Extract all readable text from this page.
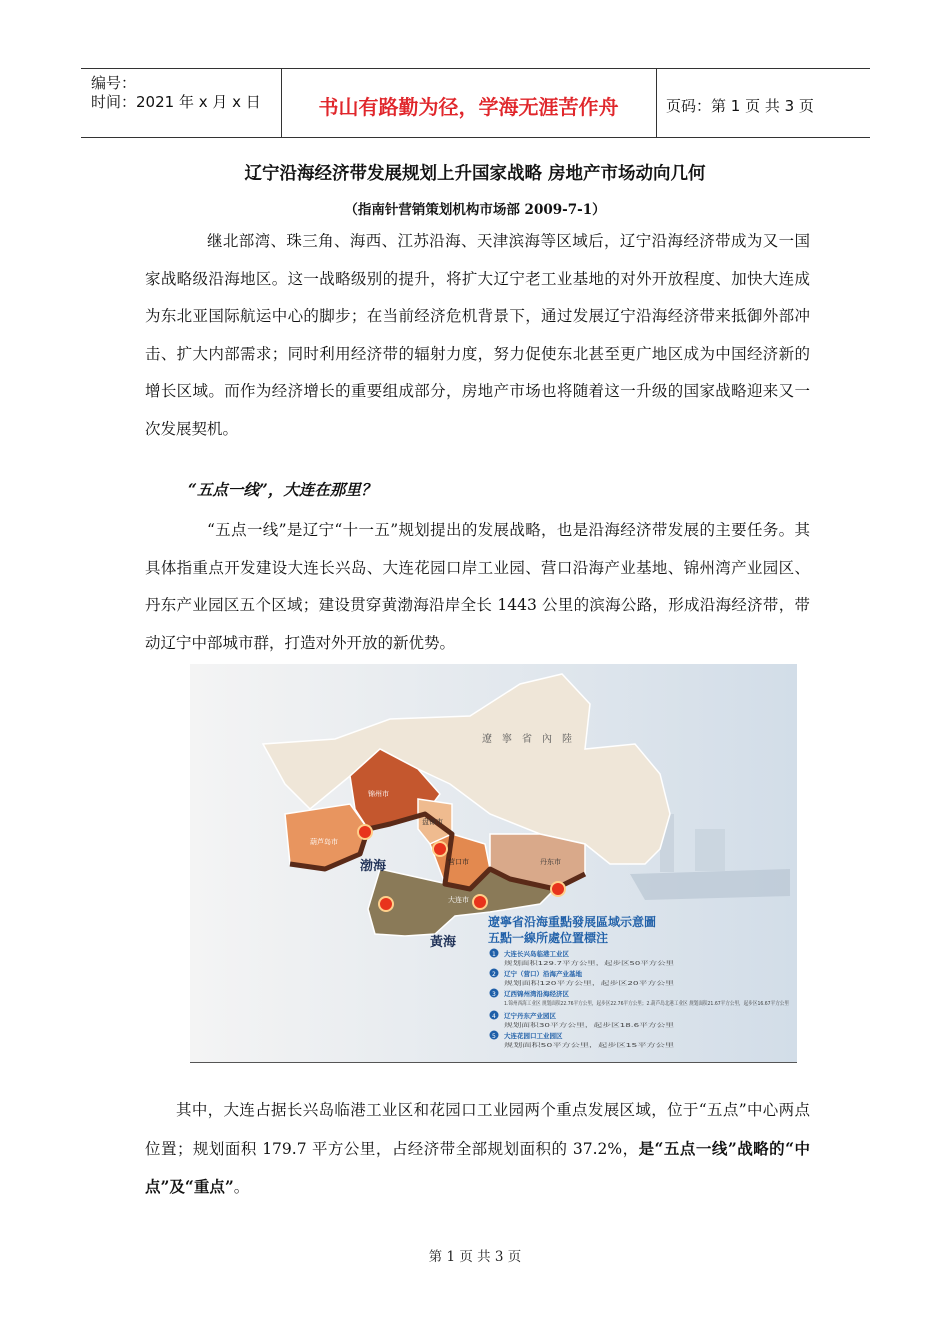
编号：
时间：2021 年 x 月 x 日	书山有路勤为径，学海无涯苦作舟	页码：第 1 页 共 3 页
辽宁沿海经济带发展规划上升国家战略 房地产市场动向几何
（指南针营销策划机构市场部 2009-7-1）

继北部湾、珠三角、海西、江苏沿海、天津滨海等区域后，辽宁沿海经济带成为又一国家战略级沿海地区。这一战略级别的提升，将扩大辽宁老工业基地的对外开放程度、加快大连成为东北亚国际航运中心的脚步；在当前经济危机背景下，通过发展辽宁沿海经济带来抵御外部冲击、扩大内部需求；同时利用经济带的辐射力度，努力促使东北甚至更广地区成为中国经济新的增长区域。而作为经济增长的重要组成部分，房地产市场也将随着这一升级的国家战略迎来又一次发展契机。

“五点一线”，大连在那里？

“五点一线”是辽宁“十一五”规划提出的发展战略，也是沿海经济带发展的主要任务。其具体指重点开发建设大连长兴岛、大连花园口岸工业园、营口沿海产业基地、锦州湾产业园区、丹东产业园区五个区域；建设贯穿黄渤海沿岸全长 1443 公里的滨海公路，形成沿海经济带，带动辽宁中部城市群，打造对外开放的新优势。

遼寧省內陸
渤海
黃海
锦州市
葫芦岛市
盘锦市
营口市
大连市
丹东市
遼寧省沿海重點發展區域示意圖
五點一線所處位置標注
1 大连长兴岛临港工业区
规划面积129.7平方公里，起步区50平方公里
2 辽宁（营口）沿海产业基地
规划面积120平方公里，起步区20平方公里
3 辽西锦州湾沿海经济区
1.锦州西海工业区 规划面积22.76平方公里，起步区22.76平方公里；2.葫芦岛北港工业区 规划面积21.67平方公里，起步区16.67平方公里
4 辽宁丹东产业园区
规划面积30平方公里，起步区18.6平方公里
5 大连花园口工业园区
规划面积50平方公里，起步区15平方公里

其中，大连占据长兴岛临港工业区和花园口工业园两个重点发展区域，位于“五点”中心两点位置；规划面积 179.7 平方公里，占经济带全部规划面积的 37.2%，是“五点一线”战略的“中点”及“重点”。

第 1 页 共 3 页
